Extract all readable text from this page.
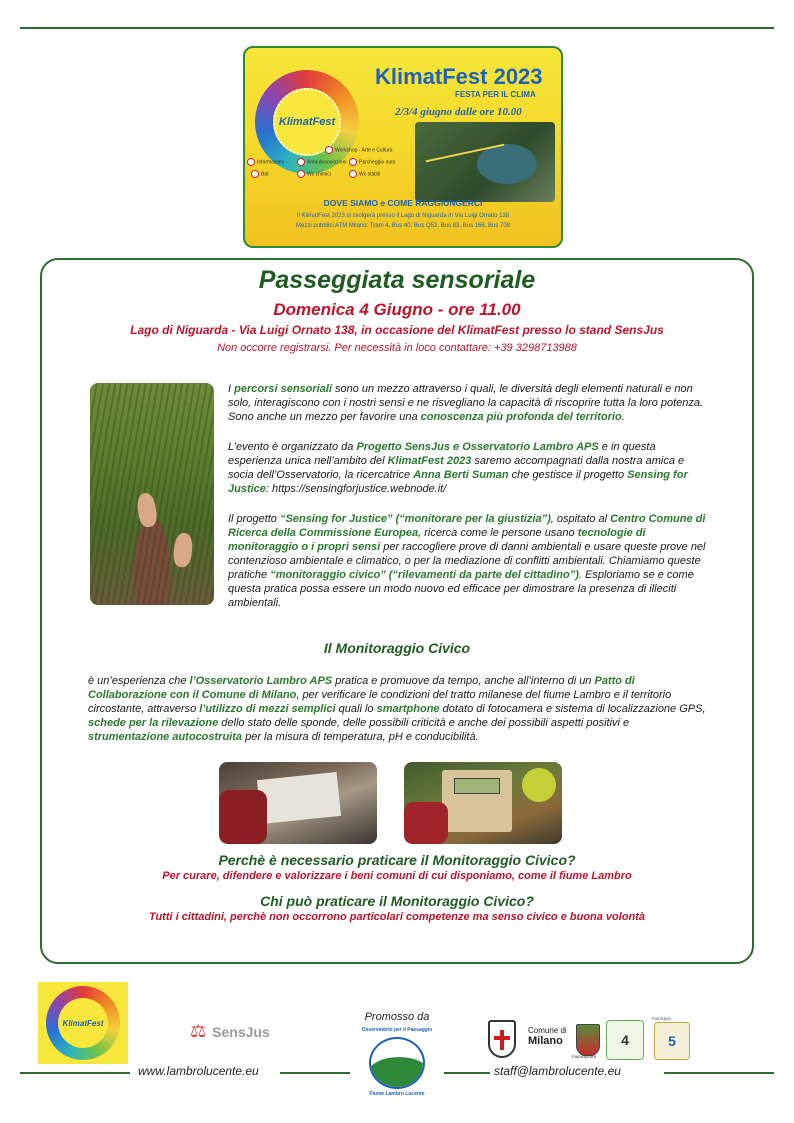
KlimatFest
KlimatFest 2023
FESTA PER IL CLIMA
2/3/4 giugno dalle ore 10.00
Workshop - Arte e Cultura
Informazioni	Area Associazioni	Parcheggio auto
Bar	Wc chimici	Wc stabili
DOVE SIAMO e COME RAGGIUNGERCI
Il KlimatFest 2023 si svolgerà presso il Lago di Niguarda in Via Luigi Ornato 138
Mezzi pubblici ATM Milano: Tram 4, Bus 40, Bus Q52, Bus 83, Bus 166, Bus 708
Passeggiata sensoriale
Domenica 4 Giugno - ore 11.00
Lago di Niguarda - Via Luigi Ornato 138, in occasione del KlimatFest presso lo stand SensJus
Non occorre registrarsi. Per necessità in loco contattare: +39 3298713988
I percorsi sensoriali sono un mezzo attraverso i quali, le diversità degli elementi naturali e non solo, interagiscono con i nostri sensi e ne risvegliano la capacità di riscoprire tutta la loro potenza. Sono anche un mezzo per favorire una conoscenza più profonda del territorio.
L’evento è organizzato da Progetto SensJus e Osservatorio Lambro APS e in questa esperienza unica nell’ambito del KlimatFest 2023 saremo accompagnati dalla nostra amica e socia dell’Osservatorio, la ricercatrice Anna Berti Suman che gestisce il progetto Sensing for Justice: https://sensingforjustice.webnode.it/
Il progetto “Sensing for Justice” (“monitorare per la giustizia”), ospitato al Centro Comune di Ricerca della Commissione Europea, ricerca come le persone usano tecnologie di monitoraggio o i propri sensi per raccogliere prove di danni ambientali e usare queste prove nel contenzioso ambientale e climatico, o per la mediazione di conflitti ambientali. Chiamiamo queste pratiche “monitoraggio civico” (“rilevamenti da parte del cittadino”). Esploriamo se e come questa pratica possa essere un modo nuovo ed efficace per dimostrare la presenza di illeciti ambientali.
Il Monitoraggio Civico
è un’esperienza che l’Osservatorio Lambro APS pratica e promuove da tempo, anche all’interno di un Patto di Collaborazione con il Comune di Milano, per verificare le condizioni del tratto milanese del fiume Lambro e il territorio circostante, attraverso l’utilizzo di mezzi semplici quali lo smartphone dotato di fotocamera e sistema di localizzazione GPS, schede per la rilevazione dello stato delle sponde, delle possibili criticità e anche dei possibili aspetti positivi e strumentazione autocostruita per la misura di temperatura, pH e conducibilità.
Perchè è necessario praticare il Monitoraggio Civico?
Per curare, difendere e valorizzare i beni comuni di cui disponiamo, come il fiume Lambro
Chi può praticare il Monitoraggio Civico?
Tutti i cittadini, perchè non occorrono particolari competenze ma senso civico e buona volontà
KlimatFest	⚖ SensJus
Promosso da
Osservatorio per il Paesaggio
Fiume Lambro Lucente
Comune di
Milano
municipiotre
4
municipio
5
www.lambrolucente.eu	staff@lambrolucente.eu
